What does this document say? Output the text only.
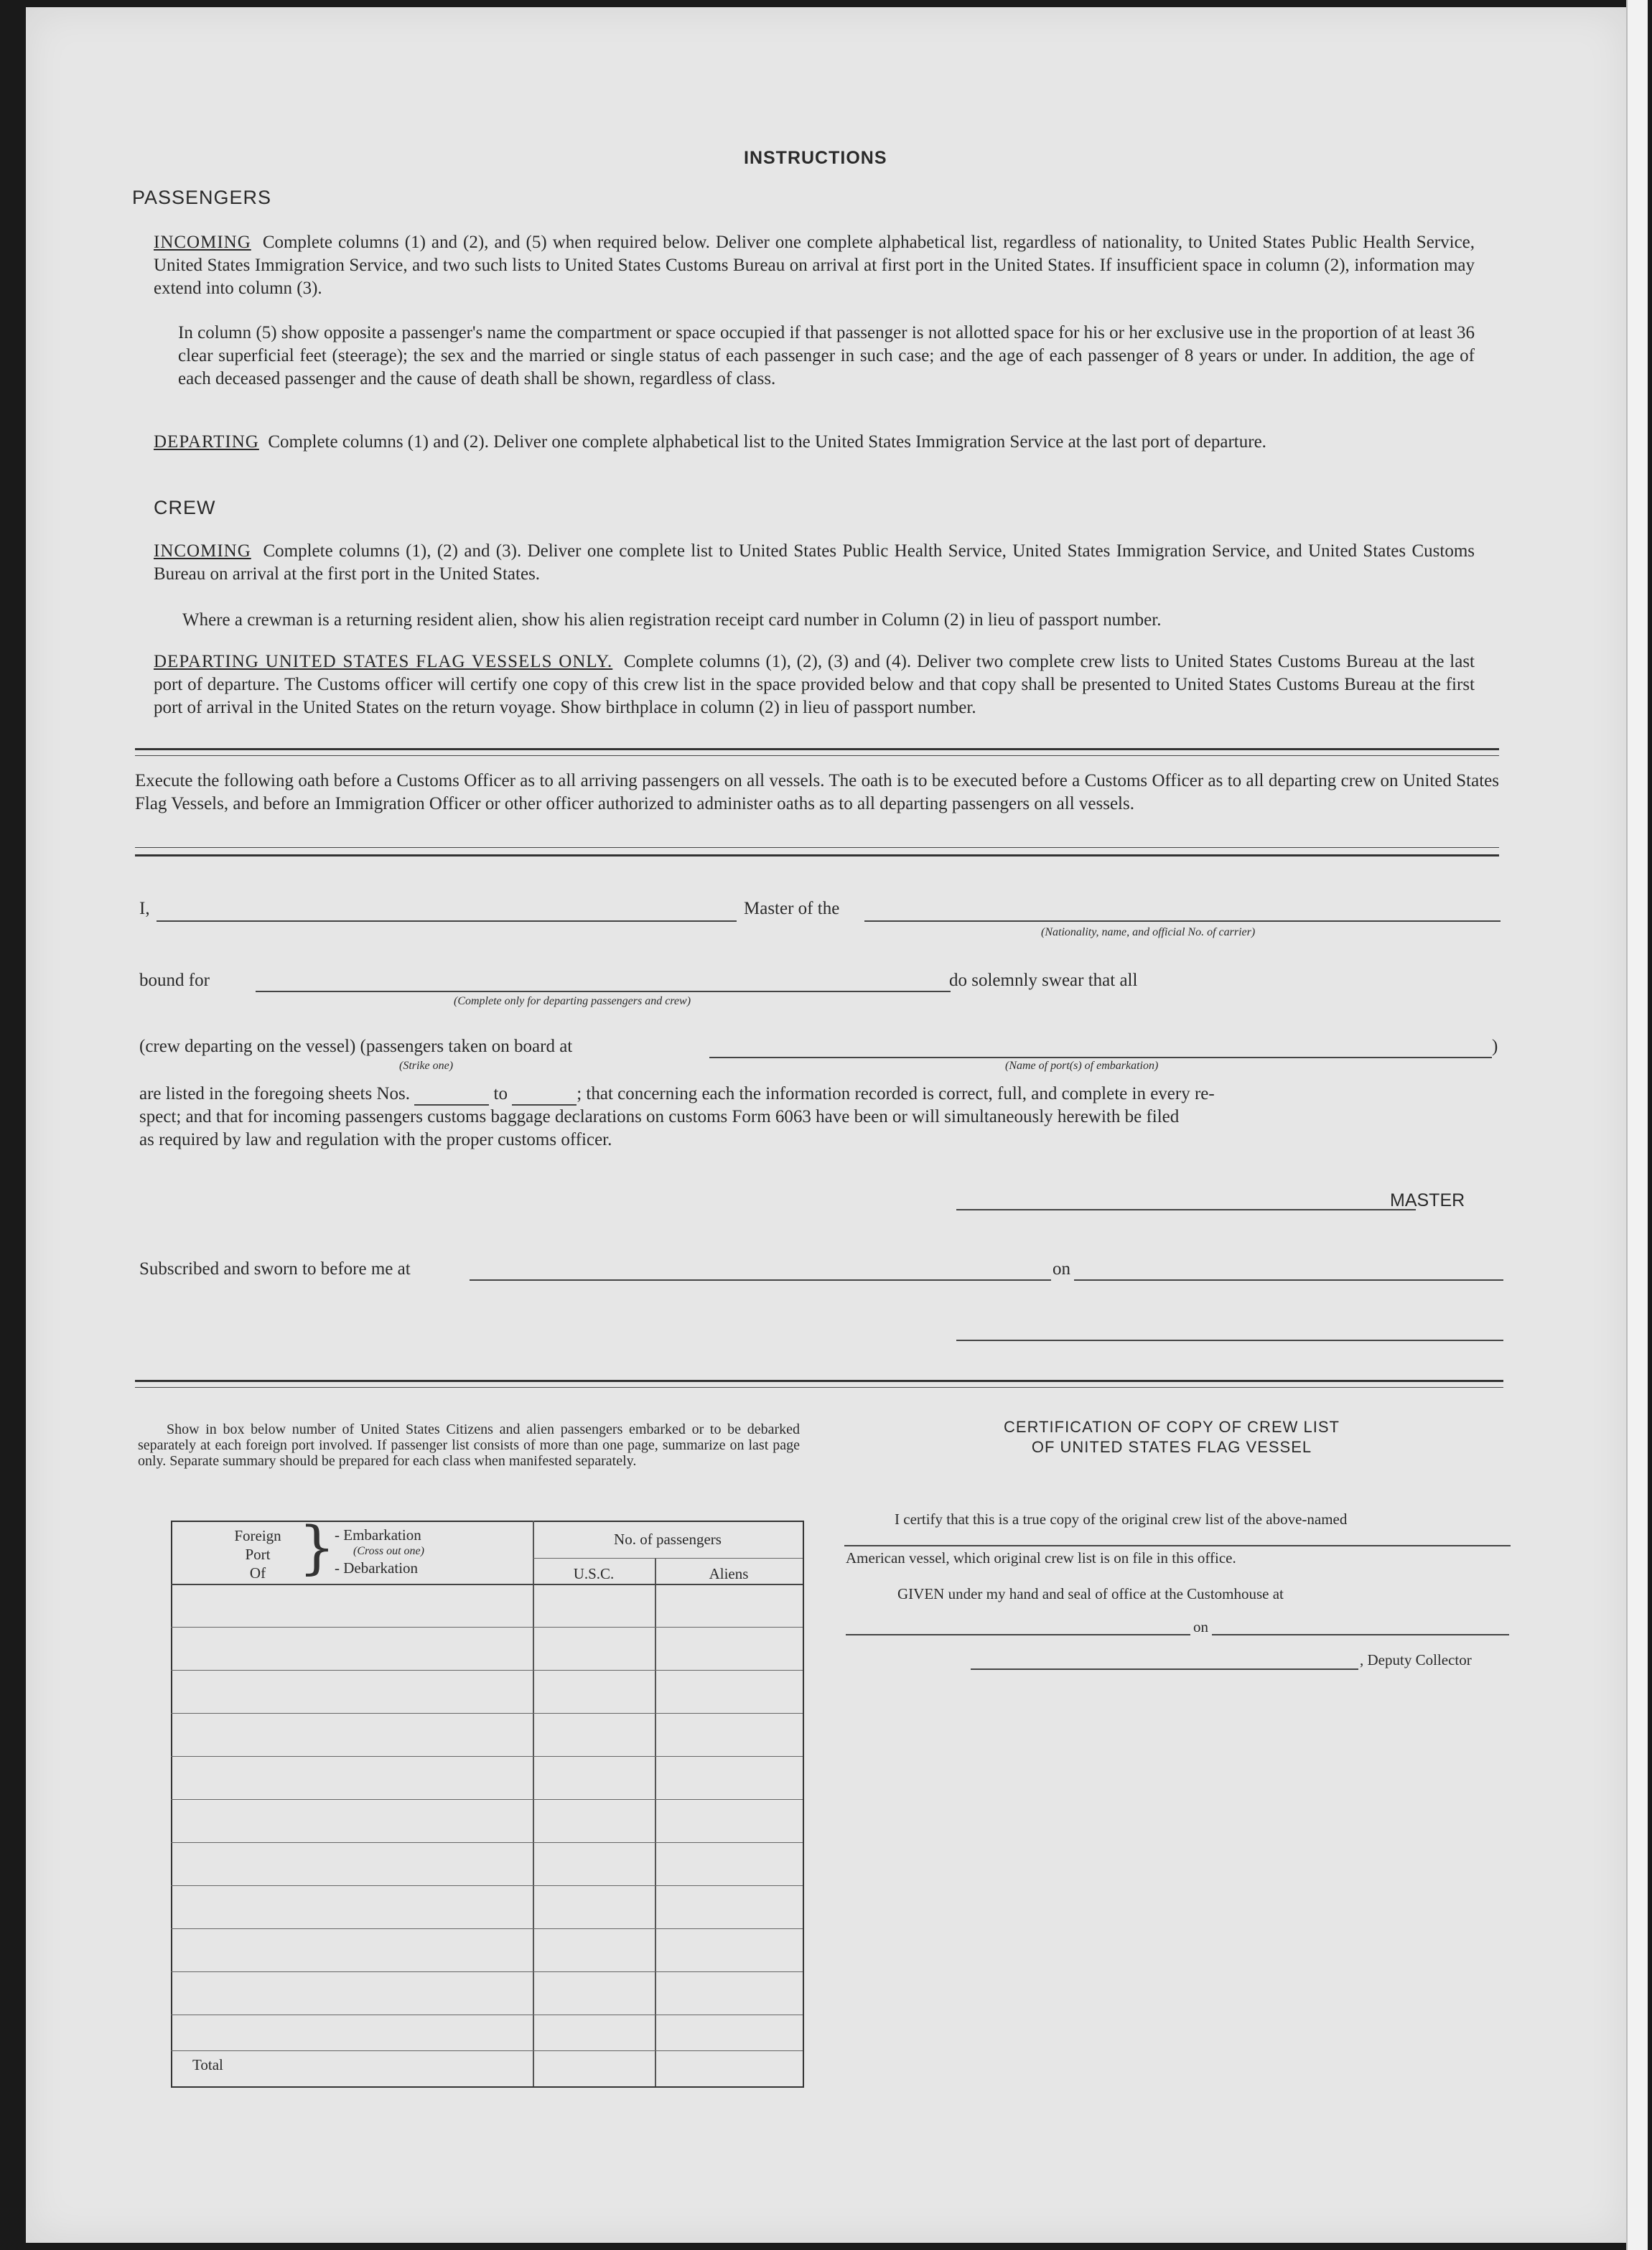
INSTRUCTIONS
PASSENGERS
INCOMING Complete columns (1) and (2), and (5) when required below. Deliver one complete alphabetical list, regardless of nationality, to United States Public Health Service, United States Immigration Service, and two such lists to United States Customs Bureau on arrival at first port in the United States. If insufficient space in column (2), information may extend into column (3).
In column (5) show opposite a passenger's name the compartment or space occupied if that passenger is not allotted space for his or her exclusive use in the proportion of at least 36 clear superficial feet (steerage); the sex and the married or single status of each passenger in such case; and the age of each passenger of 8 years or under. In addition, the age of each deceased passenger and the cause of death shall be shown, regardless of class.
DEPARTING Complete columns (1) and (2). Deliver one complete alphabetical list to the United States Immigration Service at the last port of departure.
CREW
INCOMING Complete columns (1), (2) and (3). Deliver one complete list to United States Public Health Service, United States Immigration Service, and United States Customs Bureau on arrival at the first port in the United States.
Where a crewman is a returning resident alien, show his alien registration receipt card number in Column (2) in lieu of passport number.
DEPARTING UNITED STATES FLAG VESSELS ONLY. Complete columns (1), (2), (3) and (4). Deliver two complete crew lists to United States Customs Bureau at the last port of departure. The Customs officer will certify one copy of this crew list in the space provided below and that copy shall be presented to United States Customs Bureau at the first port of arrival in the United States on the return voyage. Show birthplace in column (2) in lieu of passport number.
Execute the following oath before a Customs Officer as to all arriving passengers on all vessels. The oath is to be executed before a Customs Officer as to all departing crew on United States Flag Vessels, and before an Immigration Officer or other officer authorized to administer oaths as to all departing passengers on all vessels.
I,	Master of the
(Nationality, name, and official No. of carrier)
bound for
(Complete only for departing passengers and crew)
do solemnly swear that all
(crew departing on the vessel) (passengers taken on board at
(Strike one)
)
(Name of port(s) of embarkation)
are listed in the foregoing sheets Nos.	to	; that concerning each the information recorded is correct, full, and complete in every re-
spect; and that for incoming passengers customs baggage declarations on customs Form 6063 have been or will simultaneously herewith be filed
as required by law and regulation with the proper customs officer.
MASTER
Subscribed and sworn to before me at	on
Show in box below number of United States Citizens and alien passengers embarked or to be debarked separately at each foreign port involved. If passenger list consists of more than one page, summarize on last page only. Separate summary should be prepared for each class when manifested separately.
Foreign
Port
Of } - Embarkation
(Cross out one)
- Debarkation
No. of passengers
U.S.C.	Aliens
Total
CERTIFICATION OF COPY OF CREW LIST
OF UNITED STATES FLAG VESSEL
I certify that this is a true copy of the original crew list of the above-named
American vessel, which original crew list is on file in this office.
GIVEN under my hand and seal of office at the Customhouse at
on
, Deputy Collector
